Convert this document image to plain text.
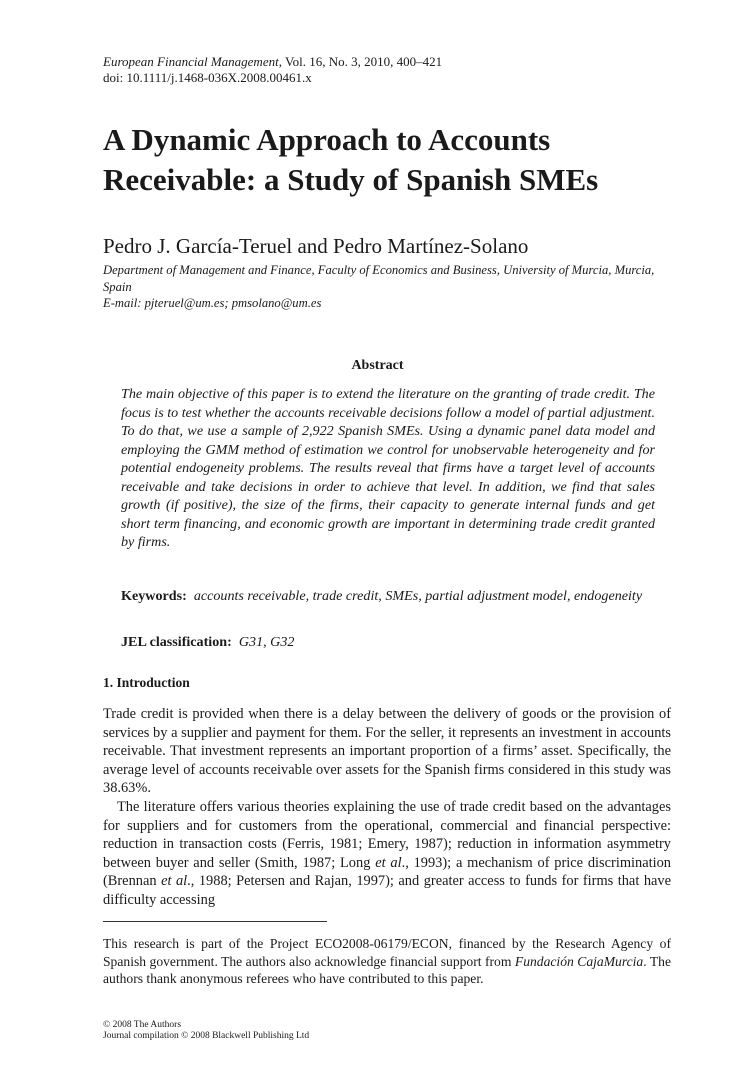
European Financial Management, Vol. 16, No. 3, 2010, 400–421
doi: 10.1111/j.1468-036X.2008.00461.x
A Dynamic Approach to Accounts Receivable: a Study of Spanish SMEs
Pedro J. García-Teruel and Pedro Martínez-Solano
Department of Management and Finance, Faculty of Economics and Business, University of Murcia, Murcia, Spain
E-mail: pjteruel@um.es; pmsolano@um.es
Abstract
The main objective of this paper is to extend the literature on the granting of trade credit. The focus is to test whether the accounts receivable decisions follow a model of partial adjustment. To do that, we use a sample of 2,922 Spanish SMEs. Using a dynamic panel data model and employing the GMM method of estimation we control for unobservable heterogeneity and for potential endogeneity problems. The results reveal that firms have a target level of accounts receivable and take decisions in order to achieve that level. In addition, we find that sales growth (if positive), the size of the firms, their capacity to generate internal funds and get short term financing, and economic growth are important in determining trade credit granted by firms.
Keywords: accounts receivable, trade credit, SMEs, partial adjustment model, endogeneity
JEL classification: G31, G32
1. Introduction

Trade credit is provided when there is a delay between the delivery of goods or the provision of services by a supplier and payment for them. For the seller, it represents an investment in accounts receivable. That investment represents an important proportion of a firms’ asset. Specifically, the average level of accounts receivable over assets for the Spanish firms considered in this study was 38.63%.

The literature offers various theories explaining the use of trade credit based on the advantages for suppliers and for customers from the operational, commercial and financial perspective: reduction in transaction costs (Ferris, 1981; Emery, 1987); reduction in information asymmetry between buyer and seller (Smith, 1987; Long et al., 1993); a mechanism of price discrimination (Brennan et al., 1988; Petersen and Rajan, 1997); and greater access to funds for firms that have difficulty accessing

This research is part of the Project ECO2008-06179/ECON, financed by the Research Agency of Spanish government. The authors also acknowledge financial support from Fundación CajaMurcia. The authors thank anonymous referees who have contributed to this paper.
© 2008 The Authors
Journal compilation © 2008 Blackwell Publishing Ltd
